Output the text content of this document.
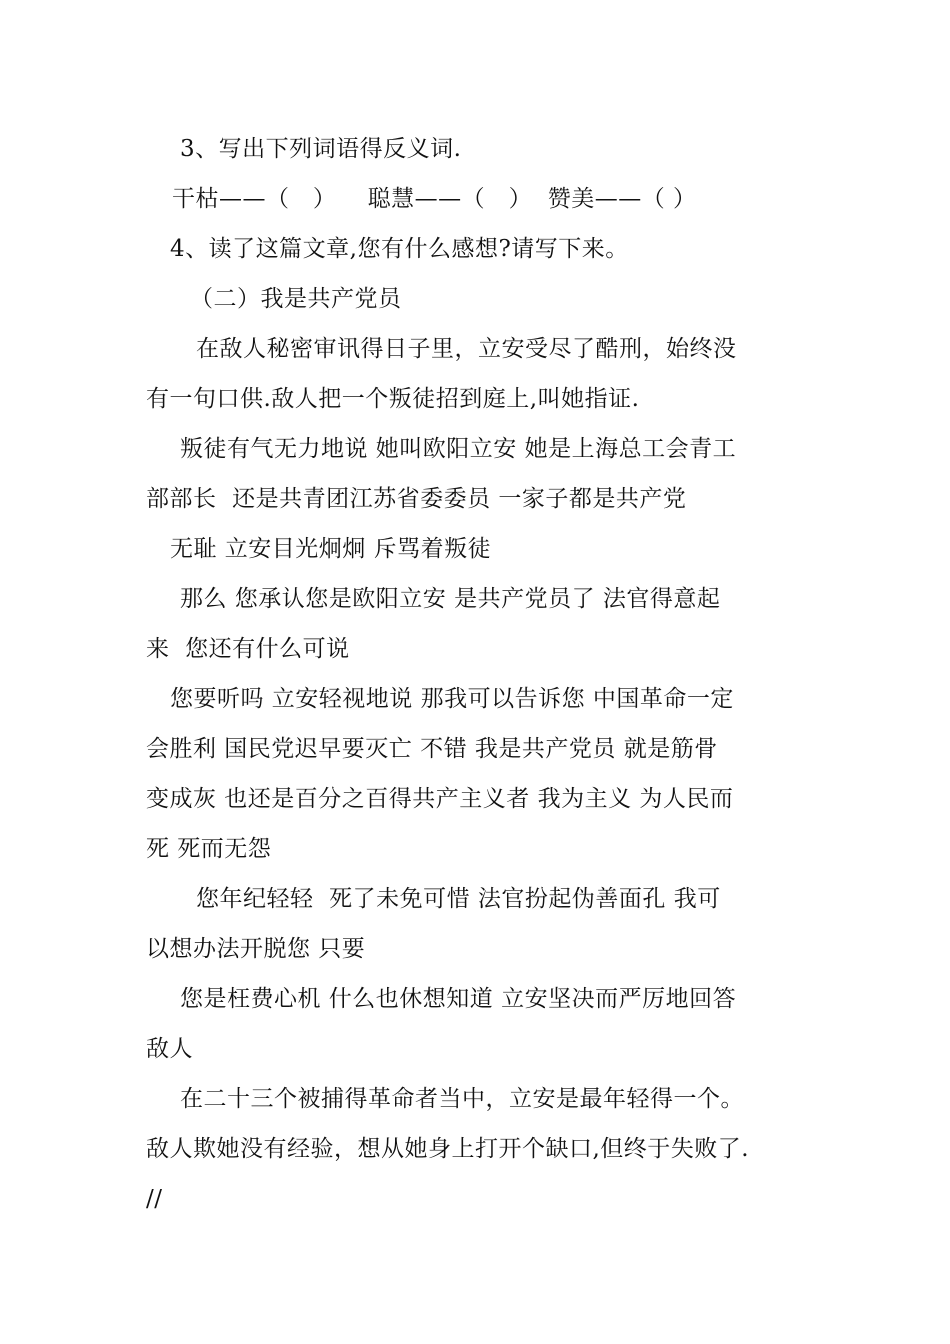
3、写出下列词语得反义词.
干枯——（   ）    聪慧——（   ）  赞美——（ ）
4、读了这篇文章,您有什么感想?请写下来。
（二）我是共产党员
在敌人秘密审讯得日子里，立安受尽了酷刑，始终没
有一句口供.敌人把一个叛徒招到庭上,叫她指证.
叛徒有气无力地说 她叫欧阳立安 她是上海总工会青工
部部长  还是共青团江苏省委委员 一家子都是共产党
无耻 立安目光炯炯 斥骂着叛徒
那么 您承认您是欧阳立安 是共产党员了 法官得意起
来  您还有什么可说
您要听吗 立安轻视地说 那我可以告诉您 中国革命一定
会胜利 国民党迟早要灭亡 不错 我是共产党员 就是筋骨
变成灰 也还是百分之百得共产主义者 我为主义 为人民而
死 死而无怨
您年纪轻轻  死了未免可惜 法官扮起伪善面孔 我可
以想办法开脱您 只要
您是枉费心机 什么也休想知道 立安坚决而严厉地回答
敌人
在二十三个被捕得革命者当中，立安是最年轻得一个。
敌人欺她没有经验，想从她身上打开个缺口,但终于失败了.
//
